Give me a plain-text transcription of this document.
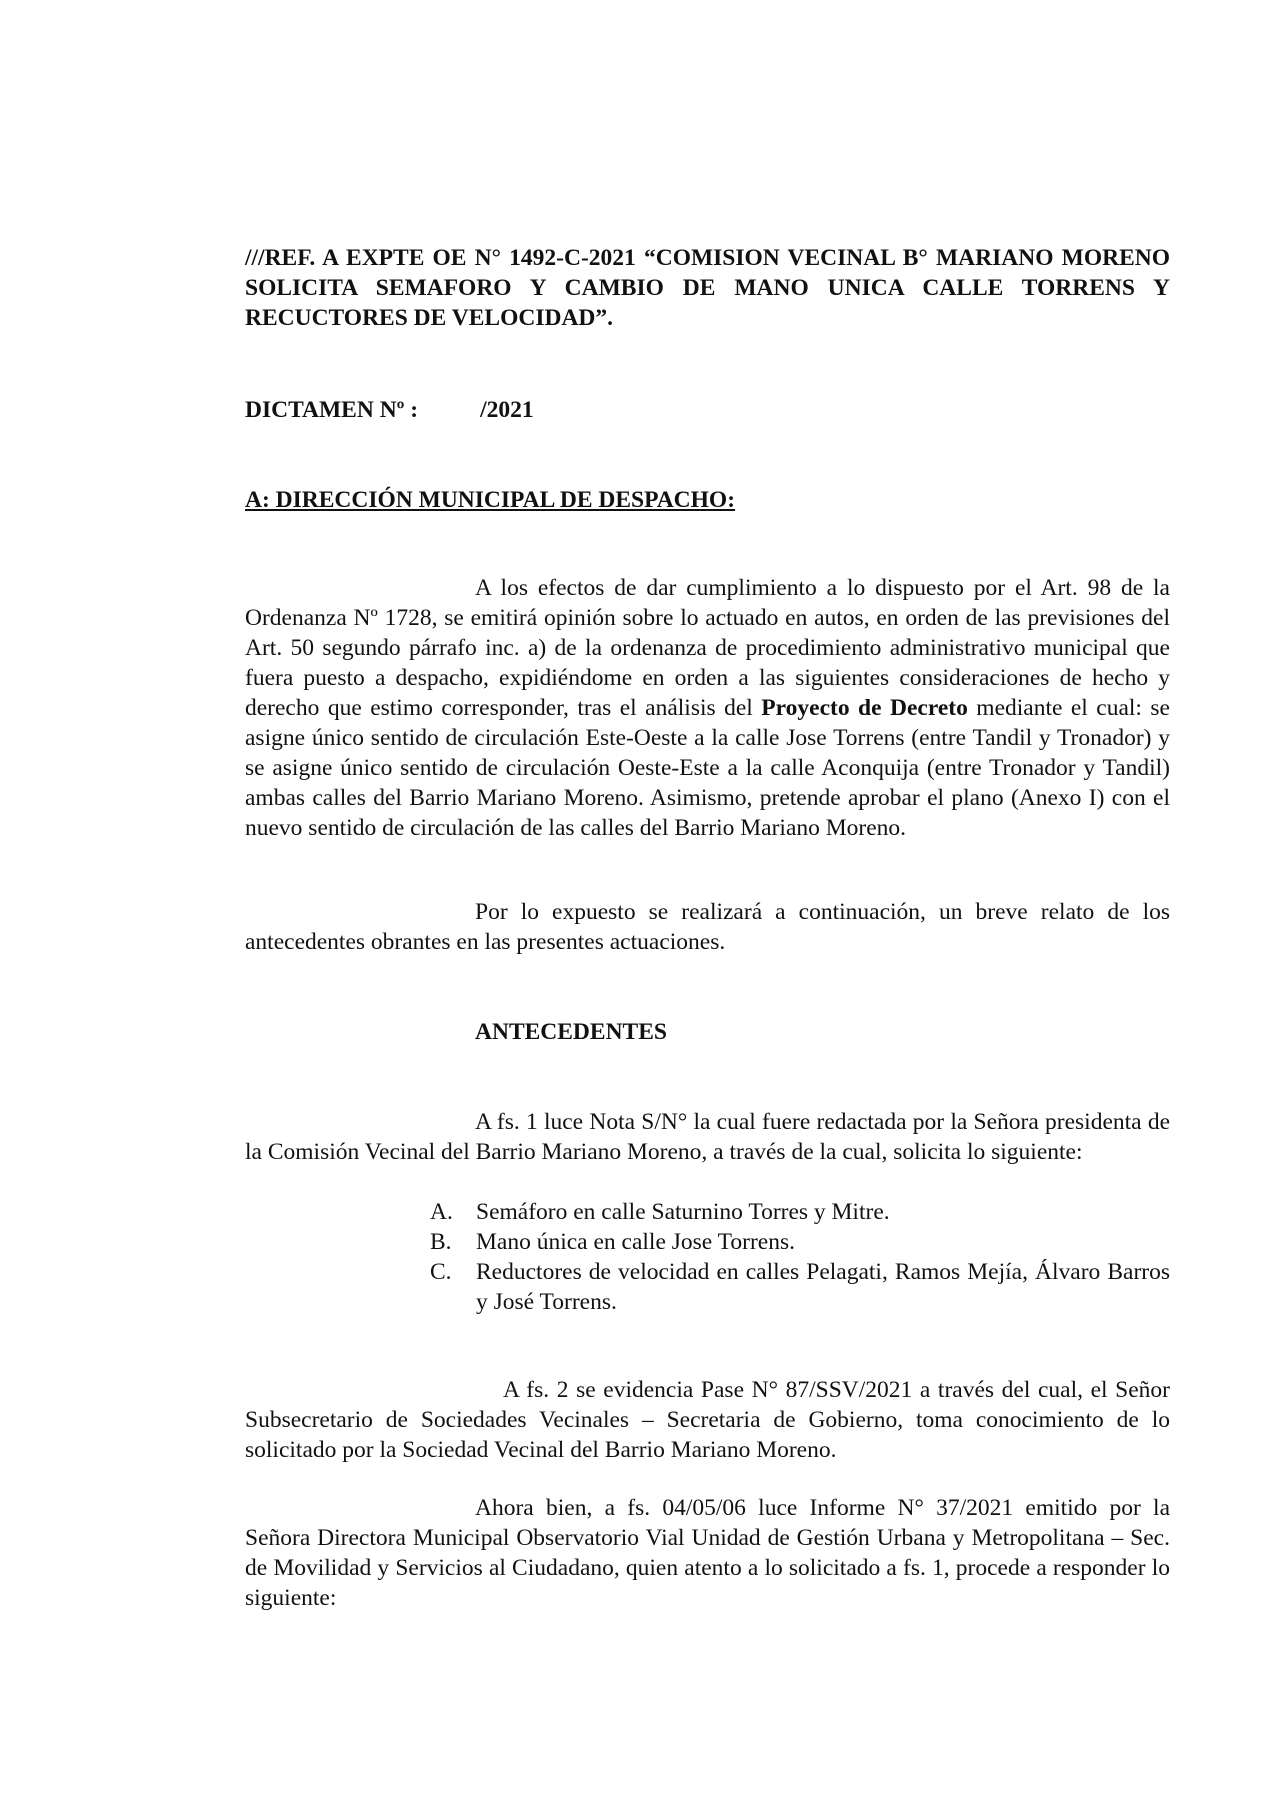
///REF. A EXPTE OE N° 1492-C-2021 “COMISION VECINAL B° MARIANO MORENO SOLICITA SEMAFORO Y CAMBIO DE MANO UNICA CALLE TORRENS Y RECUCTORES DE VELOCIDAD”.

DICTAMEN Nº :	/2021

A: DIRECCIÓN MUNICIPAL DE DESPACHO:

A los efectos de dar cumplimiento a lo dispuesto por el Art. 98 de la Ordenanza Nº 1728, se emitirá opinión sobre lo actuado en autos, en orden de las previsiones del Art. 50 segundo párrafo inc. a) de la ordenanza de procedimiento administrativo municipal que fuera puesto a despacho, expidiéndome en orden a las siguientes consideraciones de hecho y derecho que estimo corresponder, tras el análisis del Proyecto de Decreto mediante el cual: se asigne único sentido de circulación Este-Oeste a la calle Jose Torrens (entre Tandil y Tronador) y se asigne único sentido de circulación Oeste-Este a la calle Aconquija (entre Tronador y Tandil) ambas calles del Barrio Mariano Moreno. Asimismo, pretende aprobar el plano (Anexo I) con el nuevo sentido de circulación de las calles del Barrio Mariano Moreno.

Por lo expuesto se realizará a continuación, un breve relato de los antecedentes obrantes en las presentes actuaciones.

ANTECEDENTES

A fs. 1 luce Nota S/N° la cual fuere redactada por la Señora presidenta de la Comisión Vecinal del Barrio Mariano Moreno, a través de la cual, solicita lo siguiente:

A. Semáforo en calle Saturnino Torres y Mitre.
B.	Mano única en calle Jose Torrens.
C.	Reductores de velocidad en calles Pelagati, Ramos Mejía, Álvaro Barros y José Torrens.

A fs. 2 se evidencia Pase N° 87/SSV/2021 a través del cual, el Señor Subsecretario de Sociedades Vecinales – Secretaria de Gobierno, toma conocimiento de lo solicitado por la Sociedad Vecinal del Barrio Mariano Moreno.

Ahora bien, a fs. 04/05/06 luce Informe N° 37/2021 emitido por la Señora Directora Municipal Observatorio Vial Unidad de Gestión Urbana y Metropolitana – Sec. de Movilidad y Servicios al Ciudadano, quien atento a lo solicitado a fs. 1, procede a responder lo siguiente:
